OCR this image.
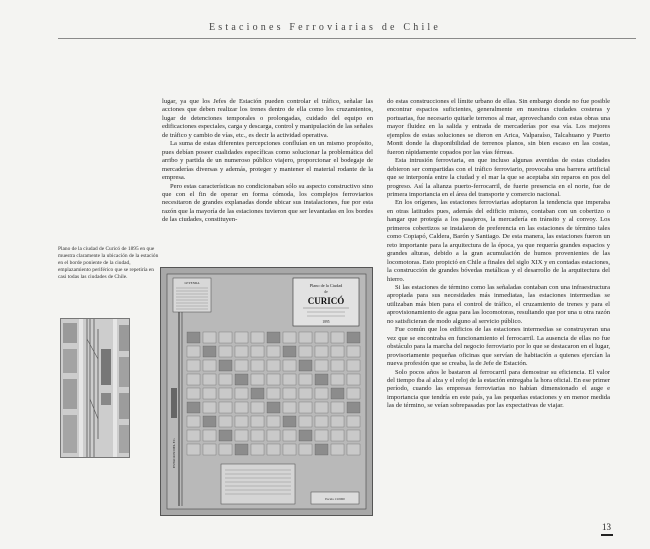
Estaciones Ferroviarias de Chile

lugar, ya que los Jefes de Estación pueden controlar el tráfico, señalar las acciones que deben realizar los trenes dentro de ella como los cruzamientos, lugar de detenciones temporales o prolongadas, cuidado del equipo en edificaciones especiales, carga y descarga, control y manipulación de las señales de tráfico y cambio de vías, etc., es decir la actividad operativa.

La suma de estas diferentes percepciones confluían en un mismo propósito, pues debían poseer cualidades específicas como solucionar la problemática del arribo y partida de un numeroso público viajero, proporcionar el bodegaje de mercaderías diversas y además, proteger y mantener el material rodante de la empresa.

Pero estas características no condicionaban sólo su aspecto constructivo sino que con el fin de operar en forma cómoda, los complejos ferroviarios necesitaron de grandes explanadas donde ubicar sus instalaciones, fue por esta razón que la mayoría de las estaciones tuvieron que ser levantadas en los bordes de las ciudades, constituyen-

do estas construcciones el límite urbano de ellas. Sin embargo donde no fue posible encontrar espacios suficientes, generalmente en nuestras ciudades costeras y portuarias, fue necesario quitarle terrenos al mar, aprovechando con estas obras una mayor fluidez en la salida y entrada de mercaderías por esa vía. Los mejores ejemplos de estas soluciones se dieron en Arica, Valparaíso, Talcahuano y Puerto Montt donde la disponibilidad de terrenos planos, sin bien escaso en las costas, fueron rápidamente copados por las vías férreas.

Esta intrusión ferroviaria, en que incluso algunas avenidas de estas ciudades debieron ser compartidas con el tráfico ferroviario, provocaba una barrera artificial que se interponía entre la ciudad y el mar la que se aceptaba sin reparos en pos del progreso. Así la alianza puerto-ferrocarril, de fuerte presencia en el norte, fue de primera importancia en el área del transporte y comercio nacional.

En los orígenes, las estaciones ferroviarias adoptaron la tendencia que imperaba en otras latitudes pues, además del edificio mismo, contaban con un cobertizo o hangar que protegía a los pasajeros, la mercadería en tránsito y al convoy. Los primeros cobertizos se instalaron de preferencia en las estaciones de término tales como Copiapó, Caldera, Barón y Santiago. De esta manera, las estaciones fueron un reto importante para la arquitectura de la época, ya que requería grandes espacios y grandes alturas, debido a la gran acumulación de humos provenientes de las locomotoras. Esto propició en Chile a finales del siglo XIX y en contadas estaciones, la construcción de grandes bóvedas metálicas y el desarrollo de la arquitectura del hierro.

Si las estaciones de término como las señaladas contaban con una infraestructura apropiada para sus necesidades más inmediatas, las estaciones intermedias se utilizaban más bien para el control de tráfico, el cruzamiento de trenes y para el aprovisionamiento de agua para las locomotoras, resultando que por una u otra razón no satisficieran de modo alguno al servicio público.

Fue común que los edificios de las estaciones intermedias se construyeran una vez que se encontraba en funcionamiento el ferrocarril. La ausencia de ellas no fue obstáculo para la marcha del negocio ferroviario por lo que se destacaron en el lugar, provisoriamente pequeñas oficinas que servían de habitación a quienes ejercían la nueva profesión que se creaba, la de Jefe de Estación.

Solo pocos años le bastaron al ferrocarril para demostrar su eficiencia. El valor del tiempo iba al alza y el reloj de la estación entregaba la hora oficial. En ese primer período, cuando las empresas ferroviarias no habían dimensionado el auge e importancia que tendría en este país, ya las pequeñas estaciones y en menor medida las de término, se veían sobrepasadas por las expectativas de viajar.

Plano de la ciudad de Curicó de 1895 en que muestra claramente la ubicación de la estación en el borde poniente de la ciudad, emplazamiento periférico que se repetiría en casi todas las ciudades de Chile.
Plano de la Ciudad
de
CURICÓ
1895
LEYENDA
Escala 1:10000
ESTACION DEL F.C.
13
